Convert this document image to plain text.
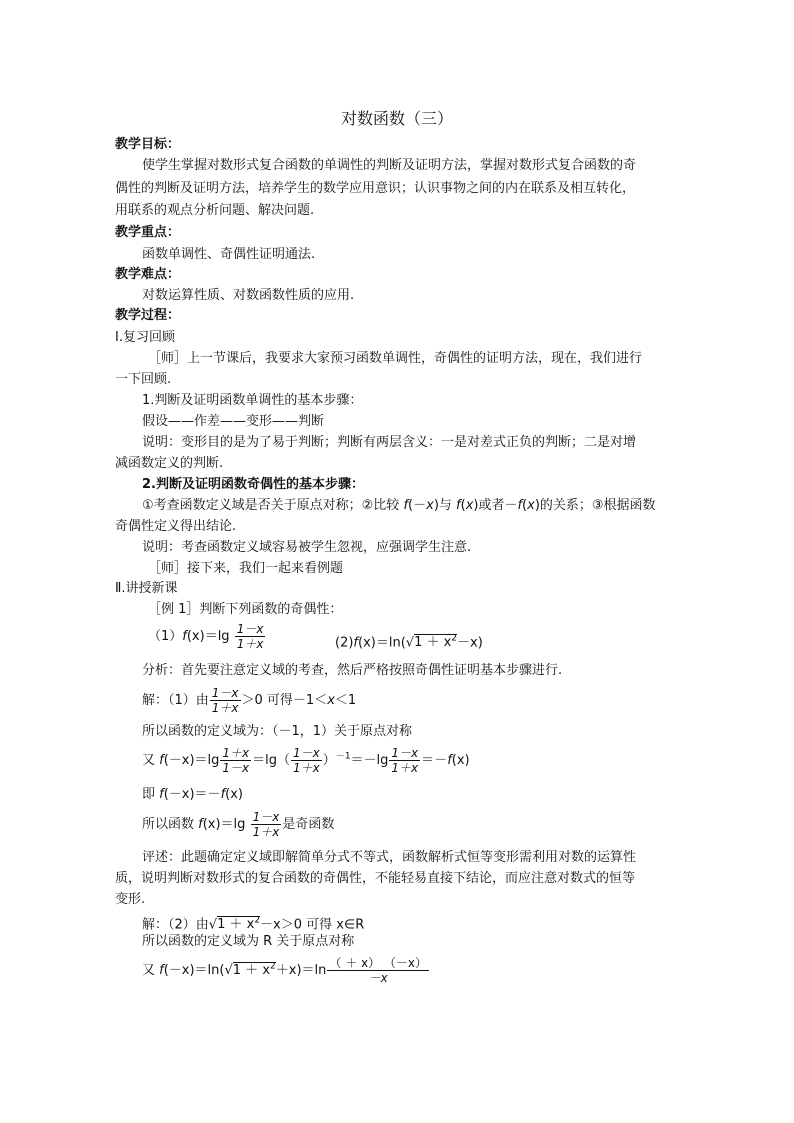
对数函数（三）
教学目标：
使学生掌握对数形式复合函数的单调性的判断及证明方法，掌握对数形式复合函数的奇
偶性的判断及证明方法，培养学生的数学应用意识；认识事物之间的内在联系及相互转化，
用联系的观点分析问题、解决问题.
教学重点：
函数单调性、奇偶性证明通法.
教学难点：
对数运算性质、对数函数性质的应用.
教学过程：
Ⅰ.复习回顾
［师］上一节课后，我要求大家预习函数单调性，奇偶性的证明方法，现在，我们进行
一下回顾.
1.判断及证明函数单调性的基本步骤：
假设——作差——变形——判断
说明：变形目的是为了易于判断；判断有两层含义：一是对差式正负的判断；二是对增
减函数定义的判断.
2.判断及证明函数奇偶性的基本步骤：
①考查函数定义域是否关于原点对称；②比较 f(－x)与 f(x)或者－f(x)的关系；③根据函数
奇偶性定义得出结论.
说明：考查函数定义域容易被学生忽视，应强调学生注意.
［师］接下来，我们一起来看例题
Ⅱ.讲授新课
［例 1］判断下列函数的奇偶性：
$(1)f(x)=\lg \frac{1-x}{1+x}$	$(2)f(x)=\ln(√1 + x^2-x)$
分析：首先要注意定义域的考查，然后严格按照奇偶性证明基本步骤进行.
解：（1）由 $\frac{1-x}{1+x} >0$ 可得－1＜x＜1
所以函数的定义域为：（－1，1）关于原点对称
又 $f(-x)=\lg \frac{1+x}{1-x} =\lg( \frac{1-x}{1+x} )^{-1}=-\lg \frac{1-x}{1+x} =-f(x)$
即 f(－x)＝－f(x)
所以函数 $f(x)=\lg \frac{1-x}{1+x}$ 是奇函数
评述：此题确定定义域即解简单分式不等式，函数解析式恒等变形需利用对数的运算性
质，说明判断对数形式的复合函数的奇偶性，不能轻易直接下结论，而应注意对数式的恒等
变形.
解：（2）由$√1 + x^2-x>0$ 可得 x∈R
所以函数的定义域为 R 关于原点对称
又 $f(-x)=\ln(√1 + x^2+x)=\ln \frac{( + x) (-x)}{-x}$
